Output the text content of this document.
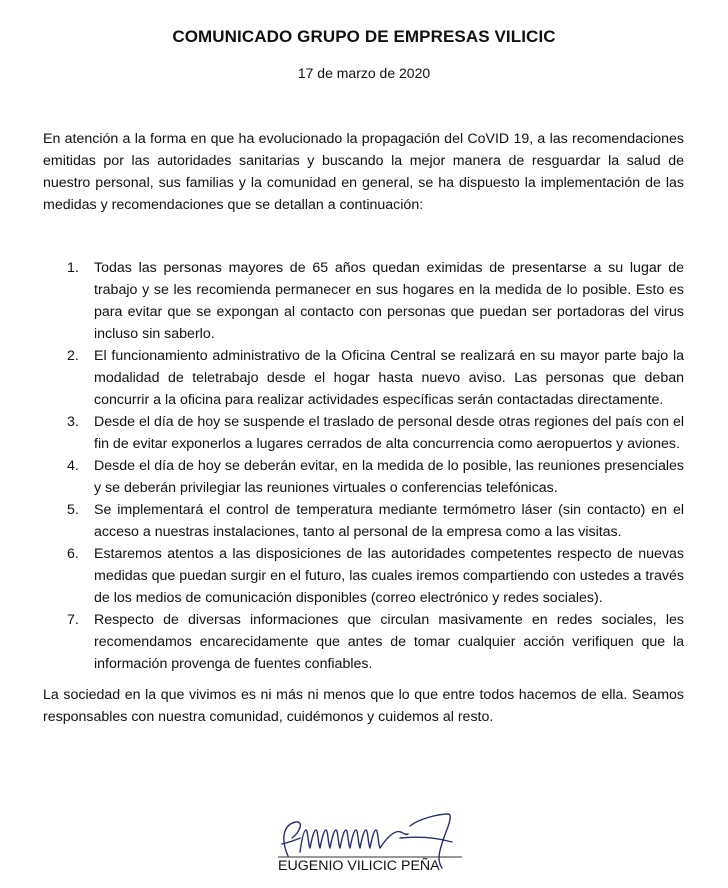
COMUNICADO GRUPO DE EMPRESAS VILICIC
17 de marzo de 2020

En atención a la forma en que ha evolucionado la propagación del CoVID 19, a las recomendaciones emitidas por las autoridades sanitarias y buscando la mejor manera de resguardar la salud de nuestro personal, sus familias y la comunidad en general, se ha dispuesto la implementación de las medidas y recomendaciones que se detallan a continuación:

1. Todas las personas mayores de 65 años quedan eximidas de presentarse a su lugar de trabajo y se les recomienda permanecer en sus hogares en la medida de lo posible. Esto es para evitar que se expongan al contacto con personas que puedan ser portadoras del virus incluso sin saberlo.
2. El funcionamiento administrativo de la Oficina Central se realizará en su mayor parte bajo la modalidad de teletrabajo desde el hogar hasta nuevo aviso. Las personas que deban concurrir a la oficina para realizar actividades específicas serán contactadas directamente.
3. Desde el día de hoy se suspende el traslado de personal desde otras regiones del país con el fin de evitar exponerlos a lugares cerrados de alta concurrencia como aeropuertos y aviones.
4. Desde el día de hoy se deberán evitar, en la medida de lo posible, las reuniones presenciales y se deberán privilegiar las reuniones virtuales o conferencias telefónicas.
5. Se implementará el control de temperatura mediante termómetro láser (sin contacto) en el acceso a nuestras instalaciones, tanto al personal de la empresa como a las visitas.
6. Estaremos atentos a las disposiciones de las autoridades competentes respecto de nuevas medidas que puedan surgir en el futuro, las cuales iremos compartiendo con ustedes a través de los medios de comunicación disponibles (correo electrónico y redes sociales).
7. Respecto de diversas informaciones que circulan masivamente en redes sociales, les recomendamos encarecidamente que antes de tomar cualquier acción verifiquen que la información provenga de fuentes confiables.

La sociedad en la que vivimos es ni más ni menos que lo que entre todos hacemos de ella. Seamos responsables con nuestra comunidad, cuidémonos y cuidemos al resto.

EUGENIO VILICIC PEÑA
